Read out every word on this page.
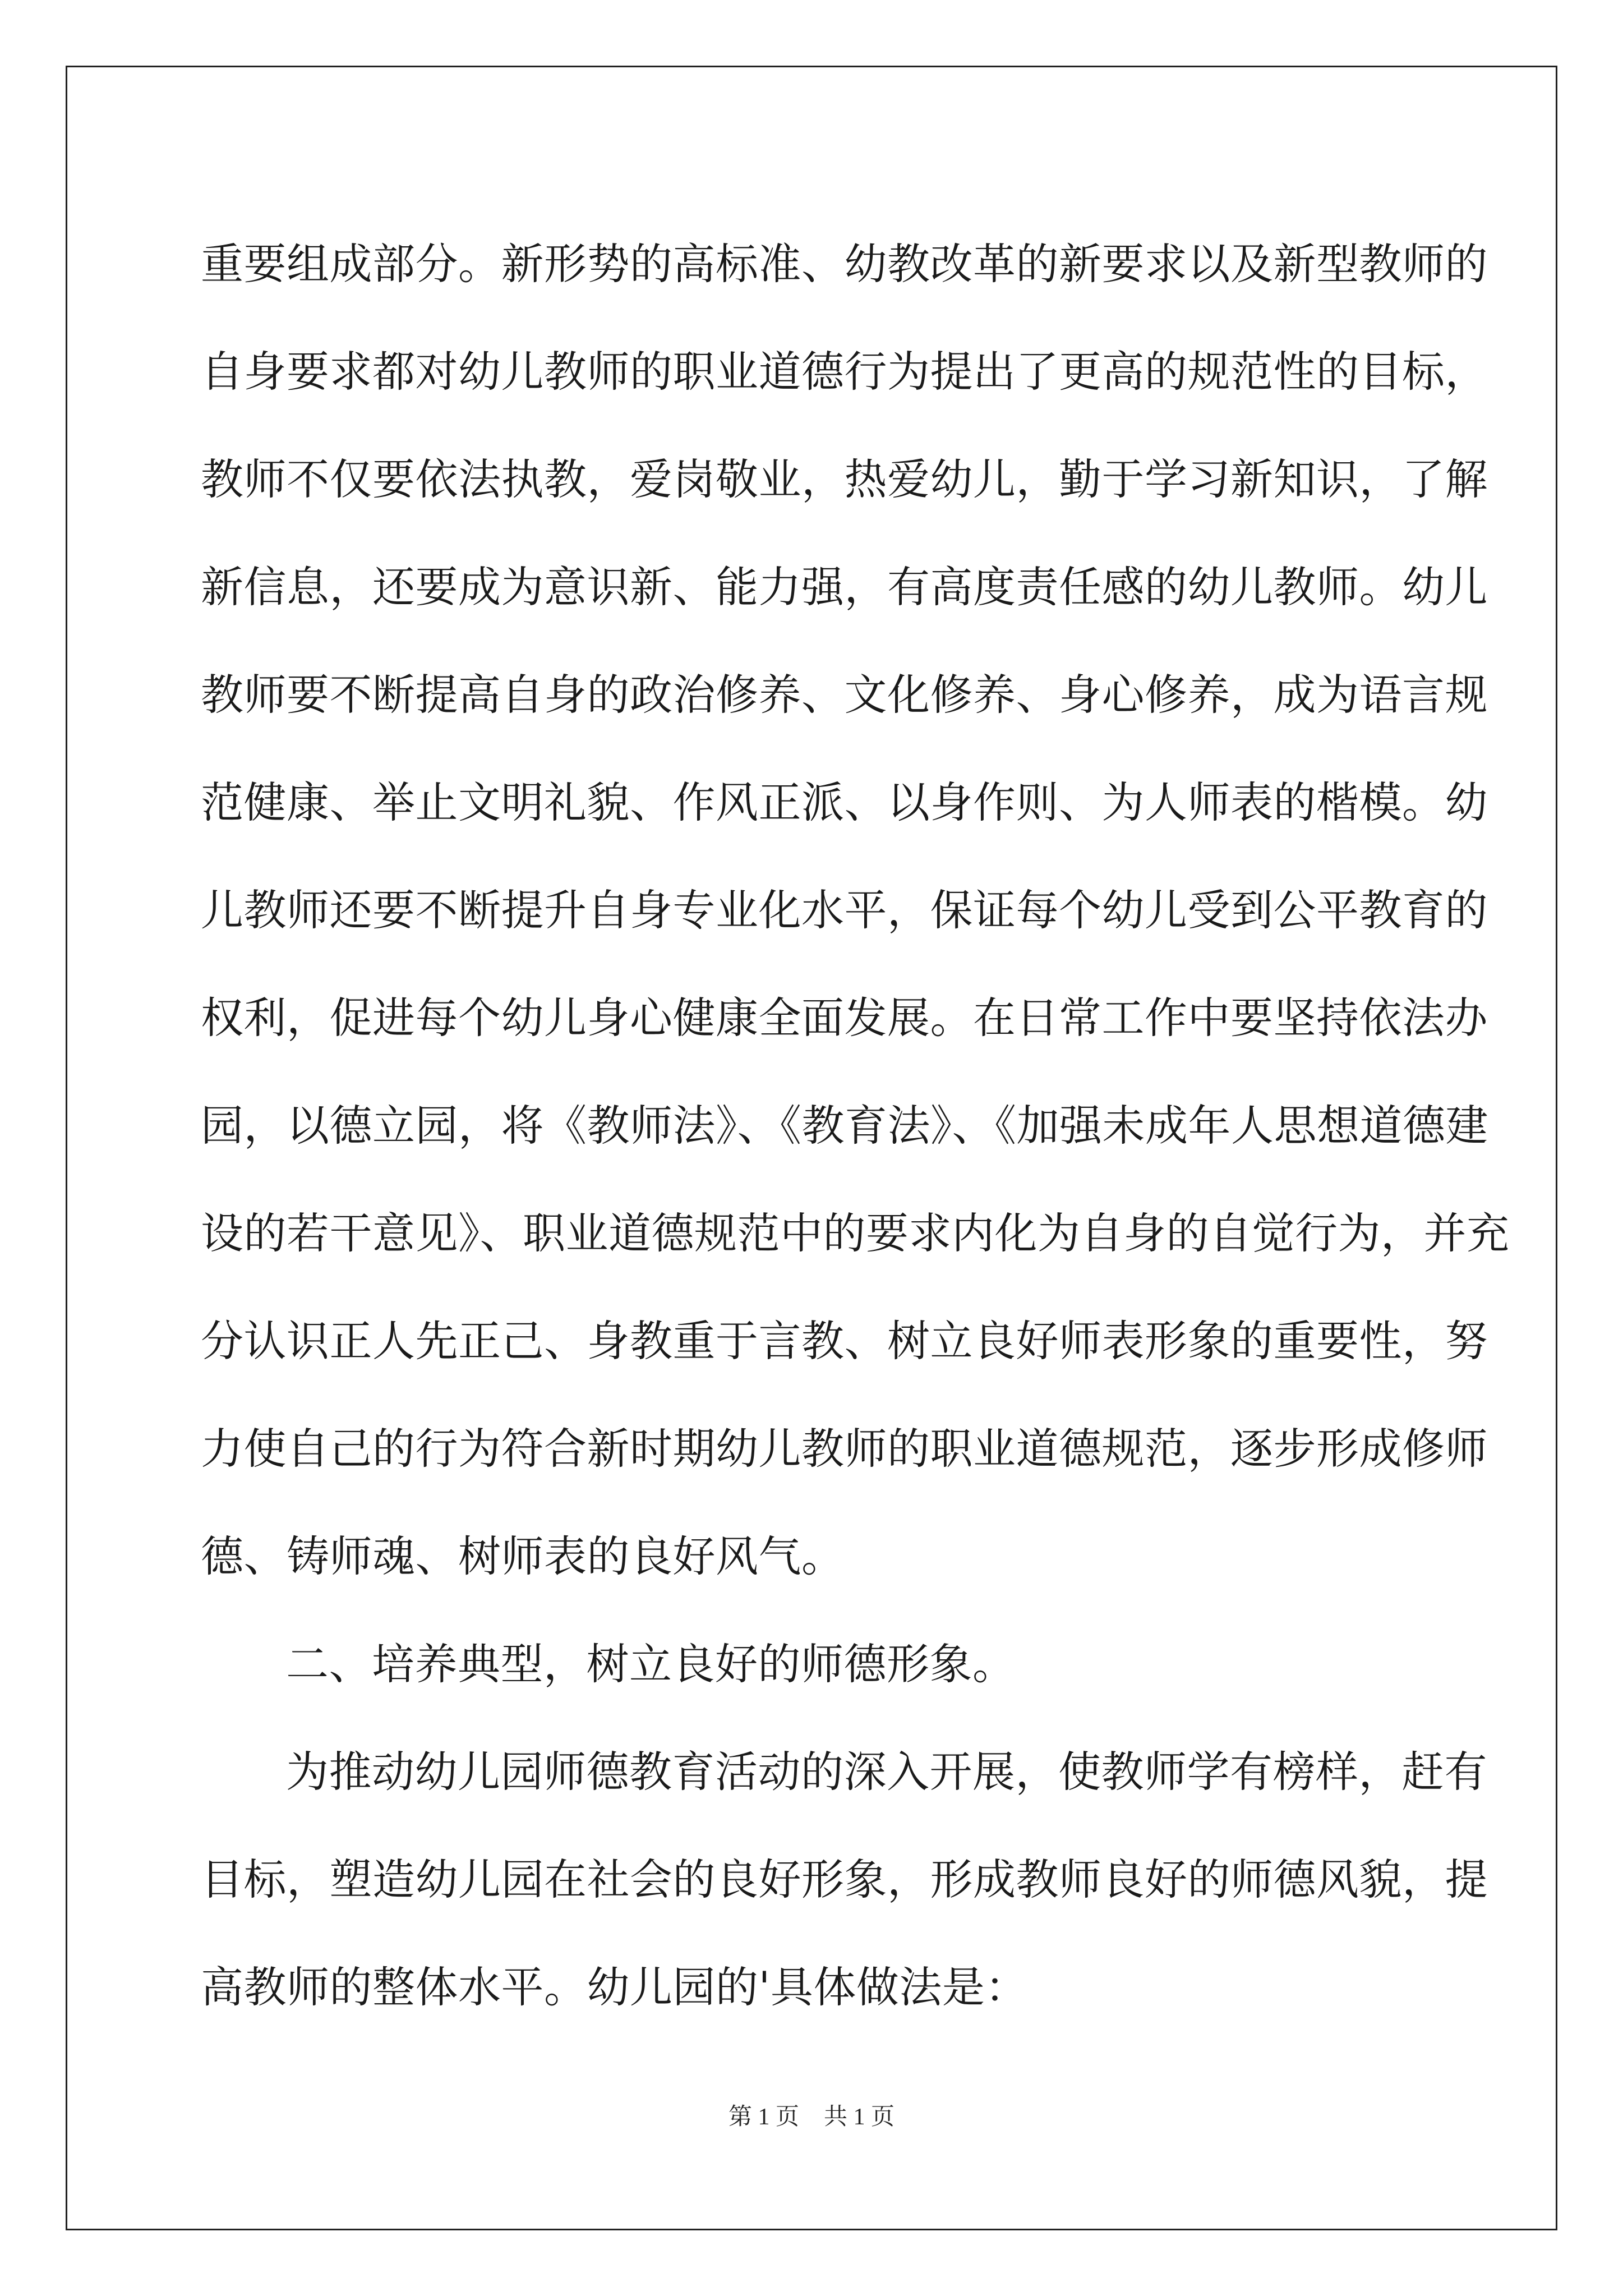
重要组成部分。新形势的高标准、幼教改革的新要求以及新型教师的
自身要求都对幼儿教师的职业道德行为提出了更高的规范性的目标，
教师不仅要依法执教，爱岗敬业，热爱幼儿，勤于学习新知识，了解
新信息，还要成为意识新、能力强，有高度责任感的幼儿教师。幼儿
教师要不断提高自身的政治修养、文化修养、身心修养，成为语言规
范健康、举止文明礼貌、作风正派、以身作则、为人师表的楷模。幼
儿教师还要不断提升自身专业化水平，保证每个幼儿受到公平教育的
权利，促进每个幼儿身心健康全面发展。在日常工作中要坚持依法办
园，以德立园，将《教师法》、《教育法》、《加强未成年人思想道德建
设的若干意见》、职业道德规范中的要求内化为自身的自觉行为，并充
分认识正人先正己、身教重于言教、树立良好师表形象的重要性，努
力使自己的行为符合新时期幼儿教师的职业道德规范，逐步形成修师
德、铸师魂、树师表的良好风气。
二、培养典型，树立良好的师德形象。
为推动幼儿园师德教育活动的深入开展，使教师学有榜样，赶有
目标，塑造幼儿园在社会的良好形象，形成教师良好的师德风貌，提
高教师的整体水平。幼儿园的'具体做法是：
第 1 页 共 1 页
